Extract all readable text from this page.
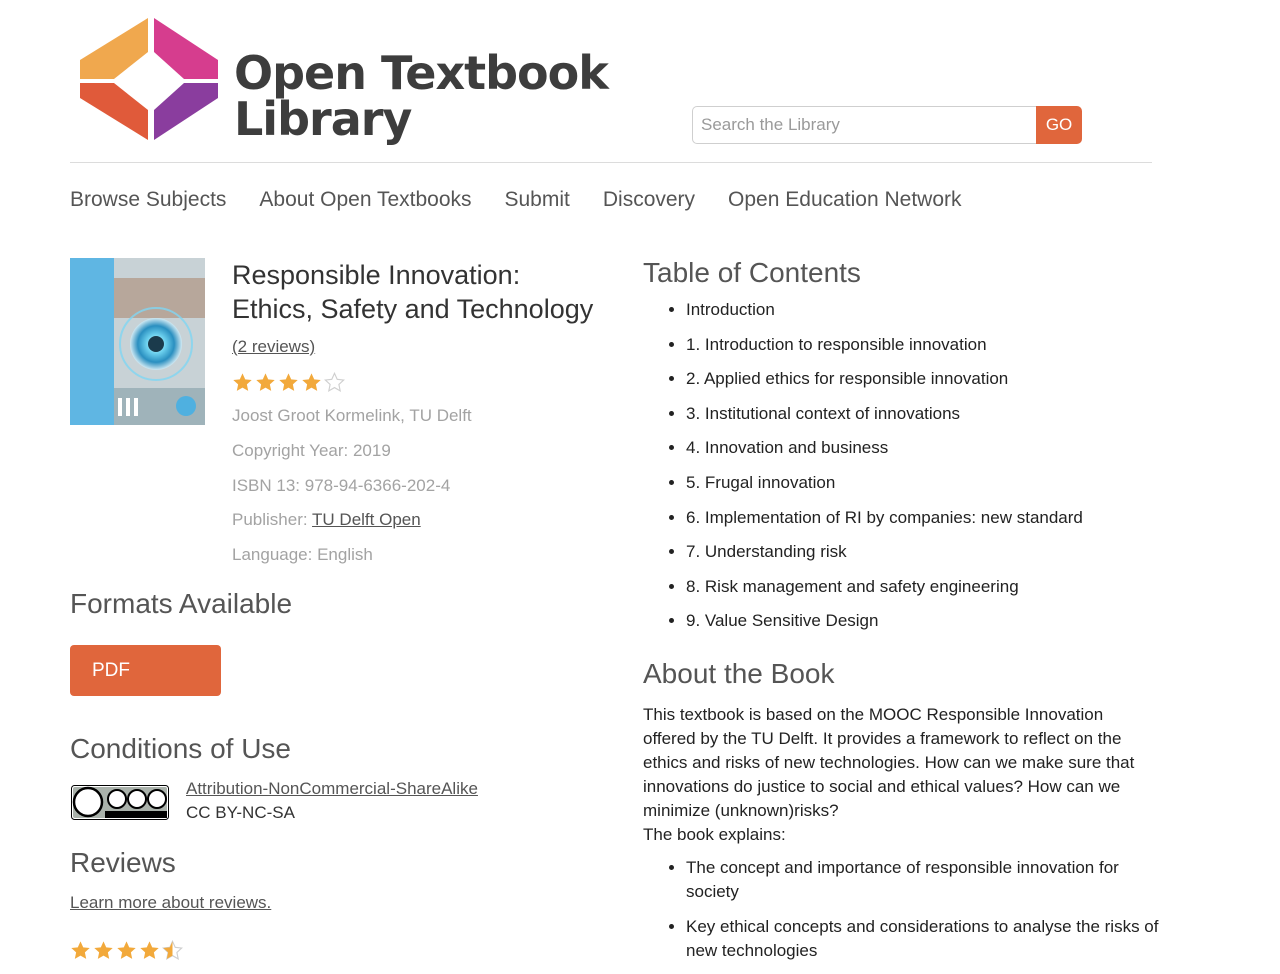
Open Textbook
Library
Search the Library	GO
Browse Subjects About Open Textbooks Submit Discovery Open Education Network
Responsible Innovation:
Ethics, Safety and Technology
(2 reviews)
Joost Groot Kormelink, TU Delft
Copyright Year: 2019
ISBN 13: 978-94-6366-202-4
Publisher: TU Delft Open
Language: English
Formats Available
PDF
Conditions of Use
Attribution-NonCommercial-ShareAlike
CC BY-NC-SA
Reviews
Learn more about reviews.
Table of Contents
• Introduction
• 1. Introduction to responsible innovation
• 2. Applied ethics for responsible innovation
• 3. Institutional context of innovations
• 4. Innovation and business
• 5. Frugal innovation
• 6. Implementation of RI by companies: new standard
• 7. Understanding risk
• 8. Risk management and safety engineering
• 9. Value Sensitive Design
About the Book

This textbook is based on the MOOC Responsible Innovation offered by the TU Delft. It provides a framework to reflect on the ethics and risks of new technologies. How can we make sure that innovations do justice to social and ethical values? How can we minimize (unknown)risks?

The book explains:

• The concept and importance of responsible innovation for society
• Key ethical concepts and considerations to analyse the risks of new technologies
